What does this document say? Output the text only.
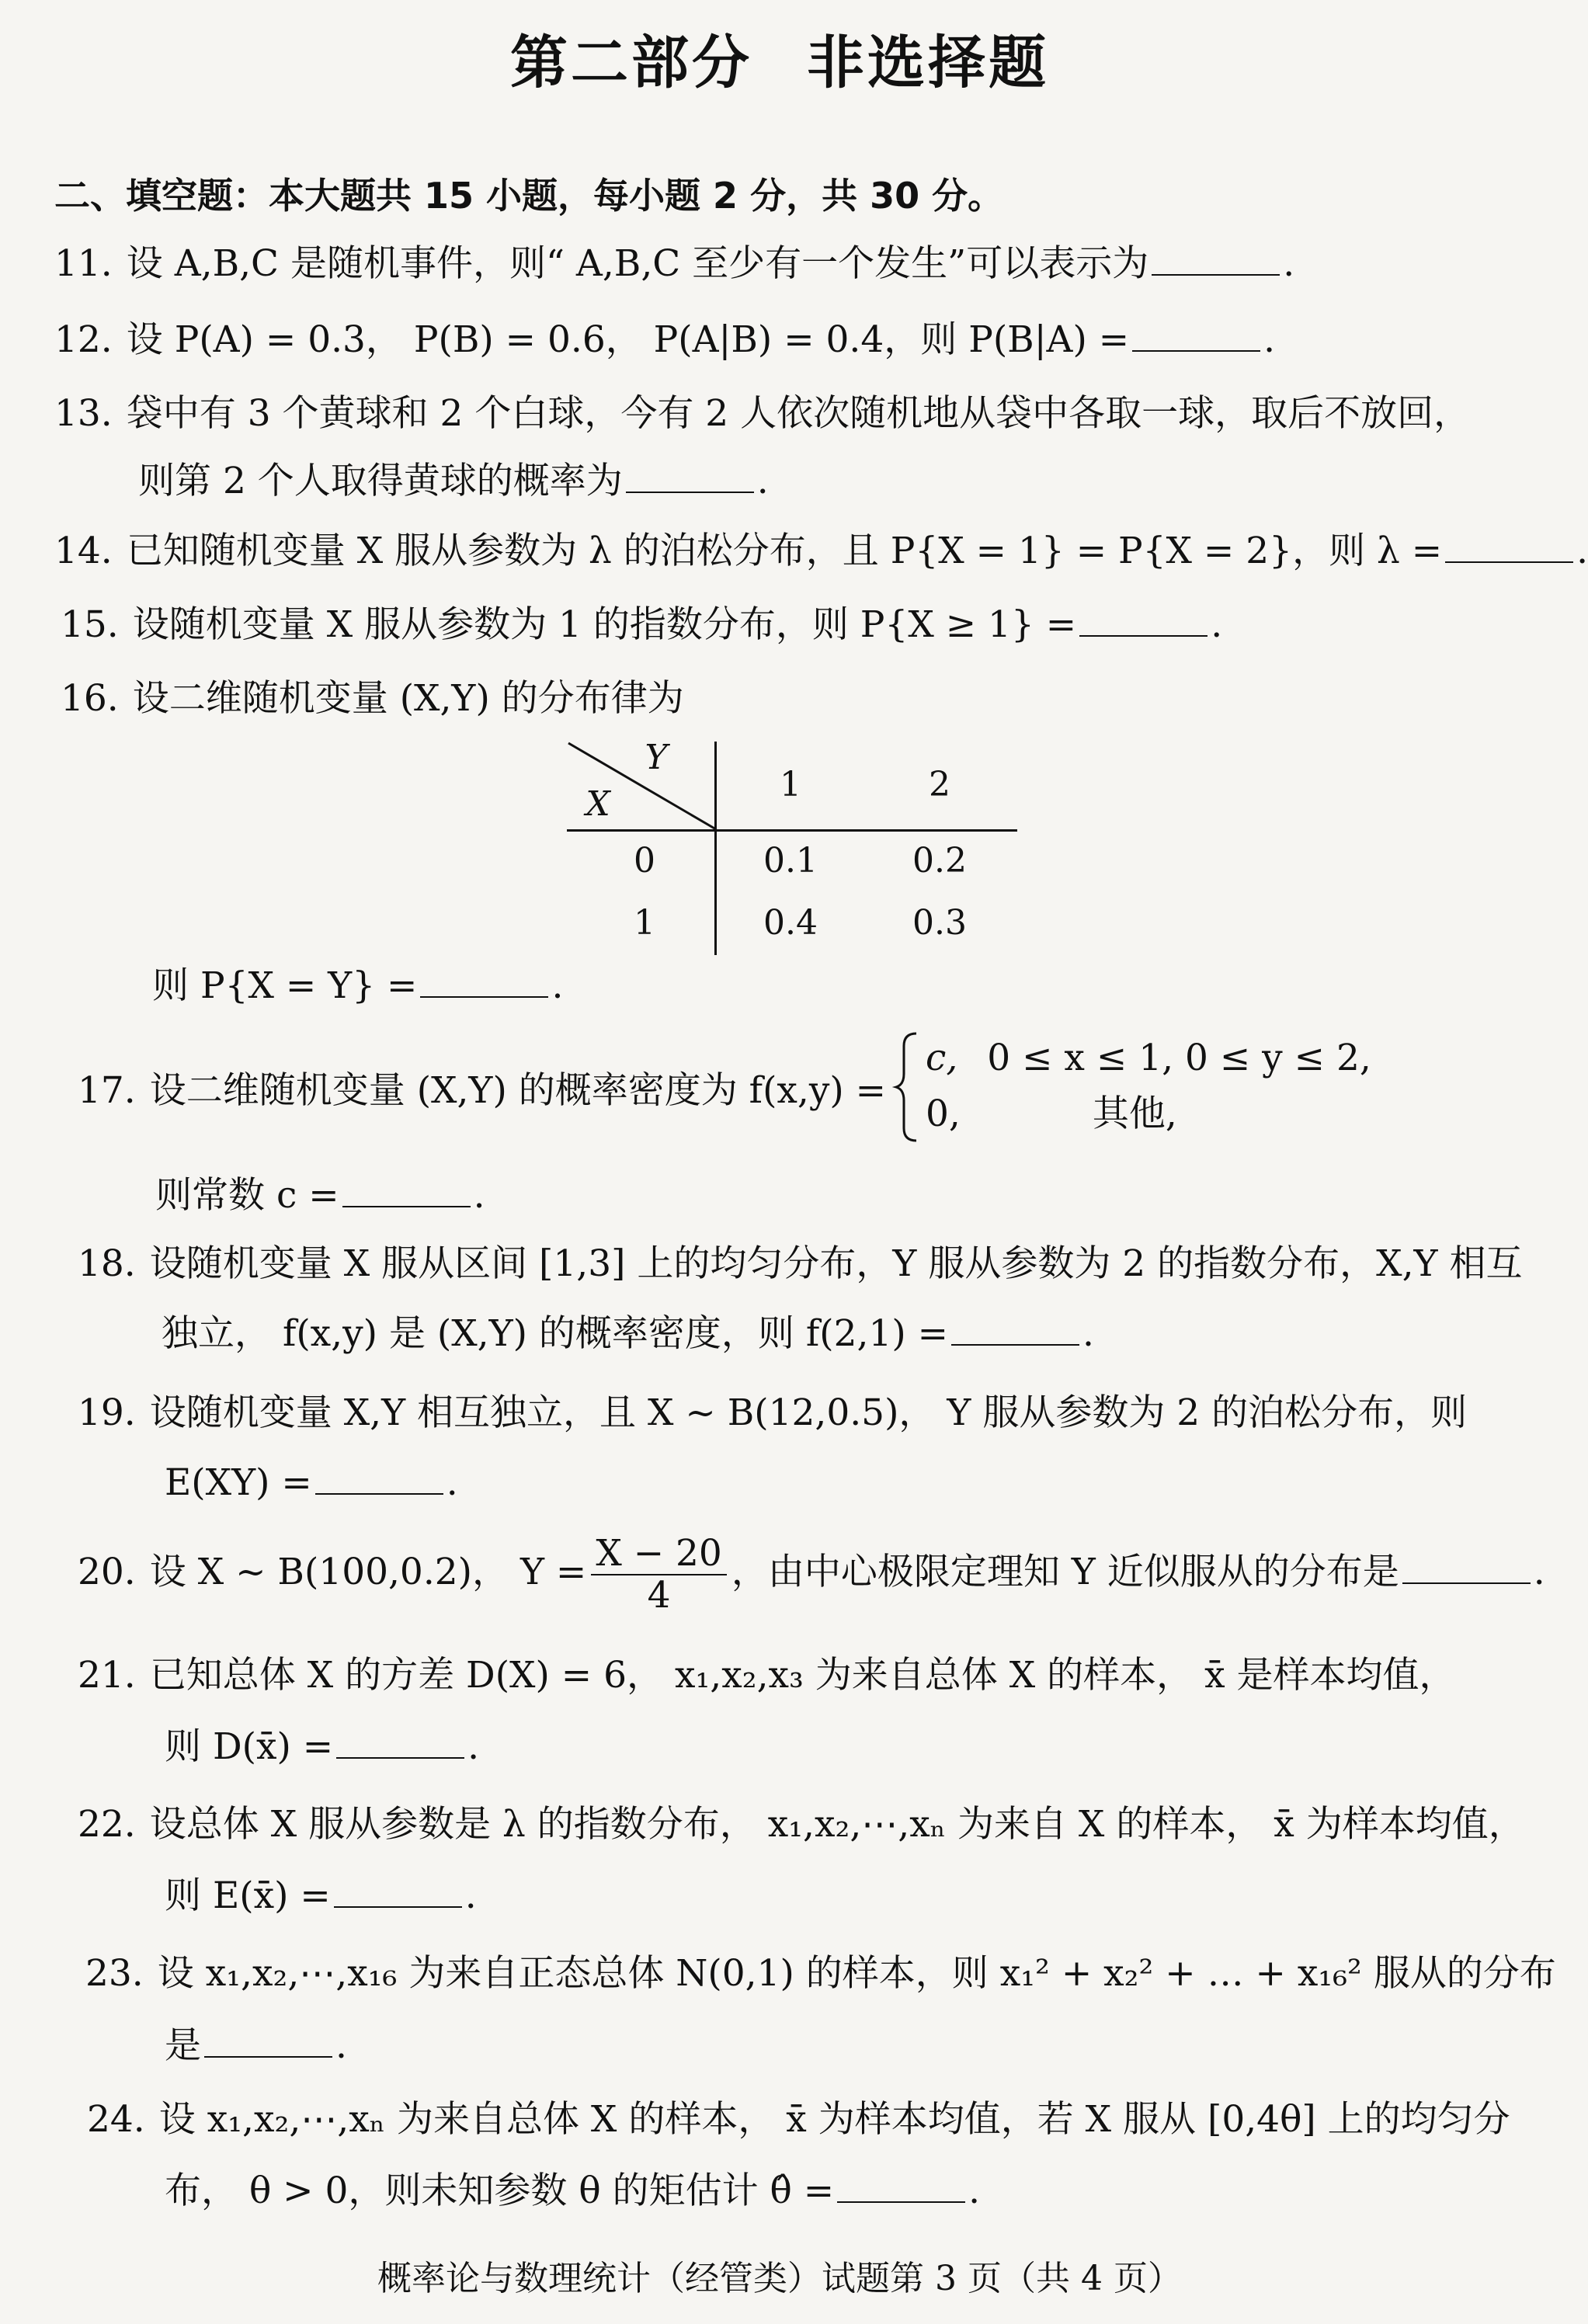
第二部分 非选择题
二、填空题：本大题共 15 小题，每小题 2 分，共 30 分。
11. 设 A,B,C 是随机事件，则“ A,B,C 至少有一个发生”可以表示为	.
12. 设 P(A) = 0.3， P(B) = 0.6， P(A|B) = 0.4，则 P(B|A) =	.
13. 袋中有 3 个黄球和 2 个白球，今有 2 人依次随机地从袋中各取一球，取后不放回，
则第 2 个人取得黄球的概率为	.
14. 已知随机变量 X 服从参数为 λ 的泊松分布，且 P{X = 1} = P{X = 2}，则 λ =	.
15. 设随机变量 X 服从参数为 1 的指数分布，则 P{X ≥ 1} =	.
16. 设二维随机变量 (X,Y) 的分布律为
Y
X	1	2
0	0.1	0.2
1	0.4	0.3
则 P{X = Y} =	.
17. 设二维随机变量 (X,Y) 的概率密度为 f(x,y) =
c, 0 ≤ x ≤ 1, 0 ≤ y ≤ 2,
0,	其他,
则常数 c =	.
18. 设随机变量 X 服从区间 [1,3] 上的均匀分布，Y 服从参数为 2 的指数分布，X,Y 相互
独立， f(x,y) 是 (X,Y) 的概率密度，则 f(2,1) =	.
19. 设随机变量 X,Y 相互独立，且 X ~ B(12,0.5)， Y 服从参数为 2 的泊松分布，则
E(XY) =	.
20. 设 X ~ B(100,0.2)， $Y = \frac{X - 20}{4}$ ，由中心极限定理知 Y 近似服从的分布是	.
21. 已知总体 X 的方差 D(X) = 6， x₁,x₂,x₃ 为来自总体 X 的样本， x̄ 是样本均值，
则 D(x̄) =	.
22. 设总体 X 服从参数是 λ 的指数分布， x₁,x₂,⋯,xₙ 为来自 X 的样本， x̄ 为样本均值，
则 E(x̄) =	.
23. 设 x₁,x₂,⋯,x₁₆ 为来自正态总体 N(0,1) 的样本，则 x₁² + x₂² + … + x₁₆² 服从的分布
是	.
24. 设 x₁,x₂,⋯,xₙ 为来自总体 X 的样本， x̄ 为样本均值，若 X 服从 [0,4θ] 上的均匀分
布， θ > 0，则未知参数 θ 的矩估计 θ̂ =	.
概率论与数理统计（经管类）试题第 3 页（共 4 页）
